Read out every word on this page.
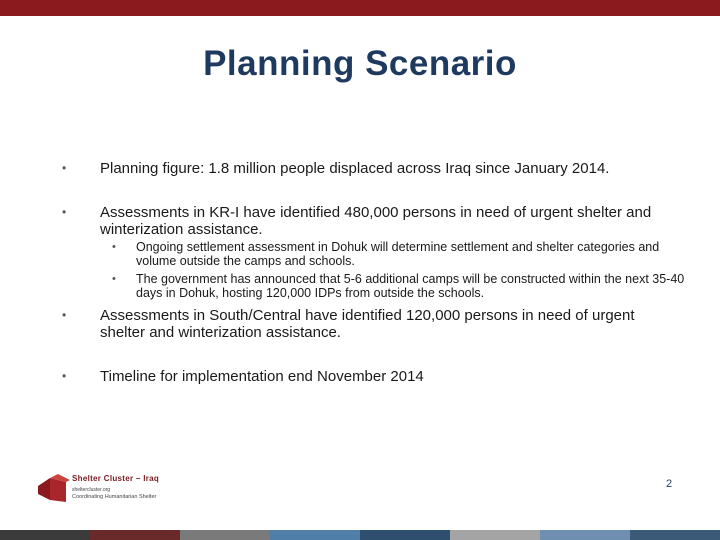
Planning Scenario
• Planning figure: 1.8 million people displaced across Iraq since January 2014.
• Assessments in KR-I have identified 480,000 persons in need of urgent shelter and winterization assistance.
• Ongoing settlement assessment in Dohuk will determine settlement and shelter categories and volume outside the camps and schools.
• The government has announced that 5-6 additional camps will be constructed within the next 35-40 days in Dohuk, hosting 120,000 IDPs from outside the schools.
• Assessments in South/Central have identified 120,000 persons in need of urgent shelter and winterization assistance.
• Timeline for implementation end November 2014
Shelter Cluster – Iraq
sheltercluster.org
Coordinating Humanitarian Shelter
2
